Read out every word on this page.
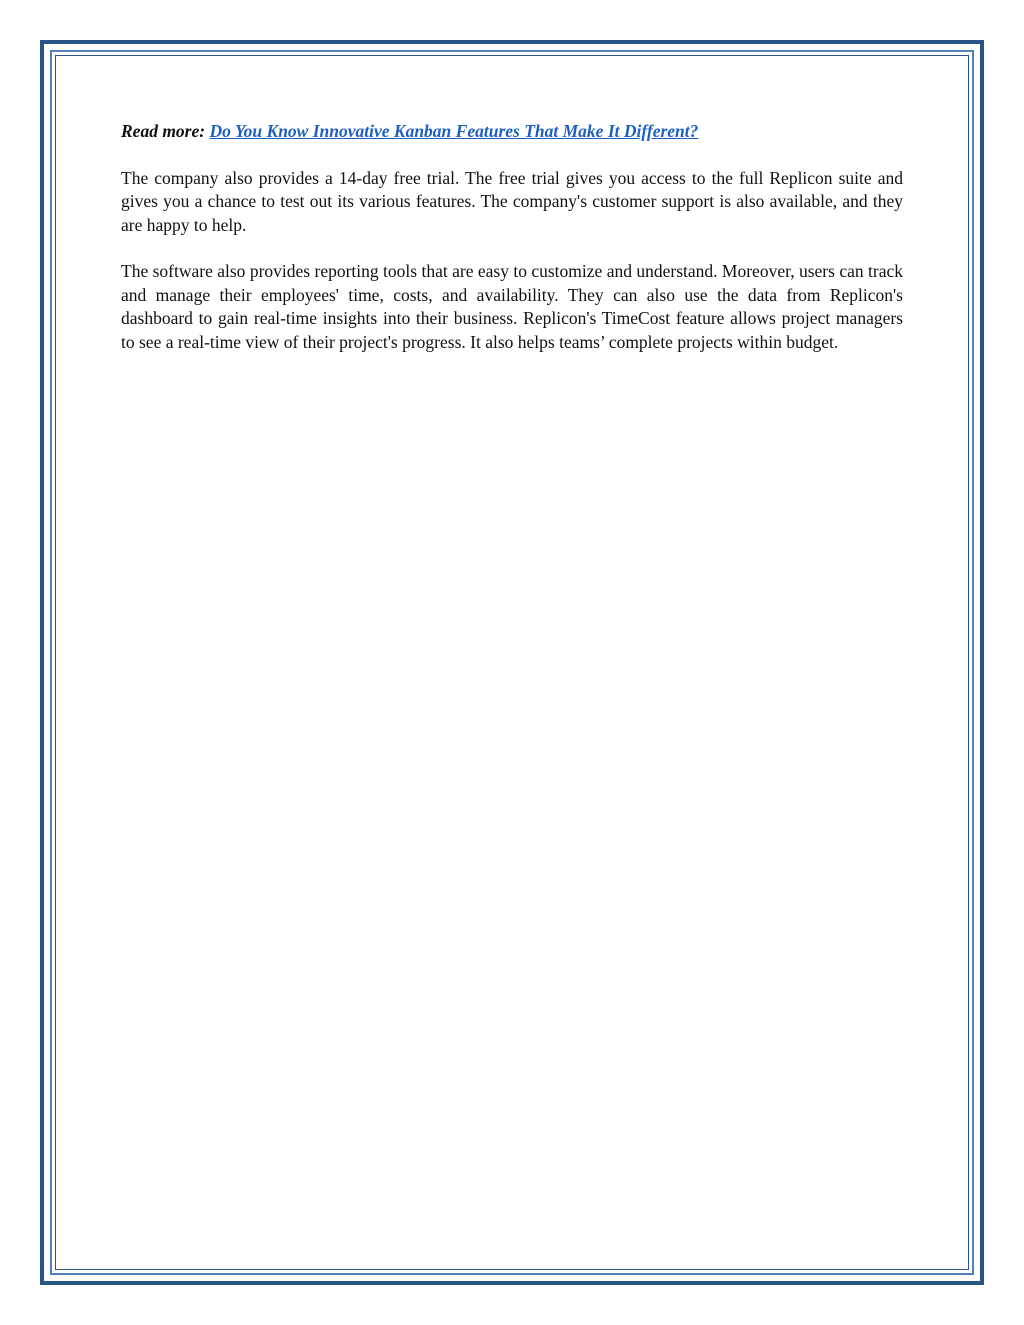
Read more: Do You Know Innovative Kanban Features That Make It Different?

The company also provides a 14-day free trial. The free trial gives you access to the full Replicon suite and gives you a chance to test out its various features. The company's customer support is also available, and they are happy to help.

The software also provides reporting tools that are easy to customize and understand. Moreover, users can track and manage their employees' time, costs, and availability. They can also use the data from Replicon's dashboard to gain real-time insights into their business. Replicon's TimeCost feature allows project managers to see a real-time view of their project's progress. It also helps teams’ complete projects within budget.
